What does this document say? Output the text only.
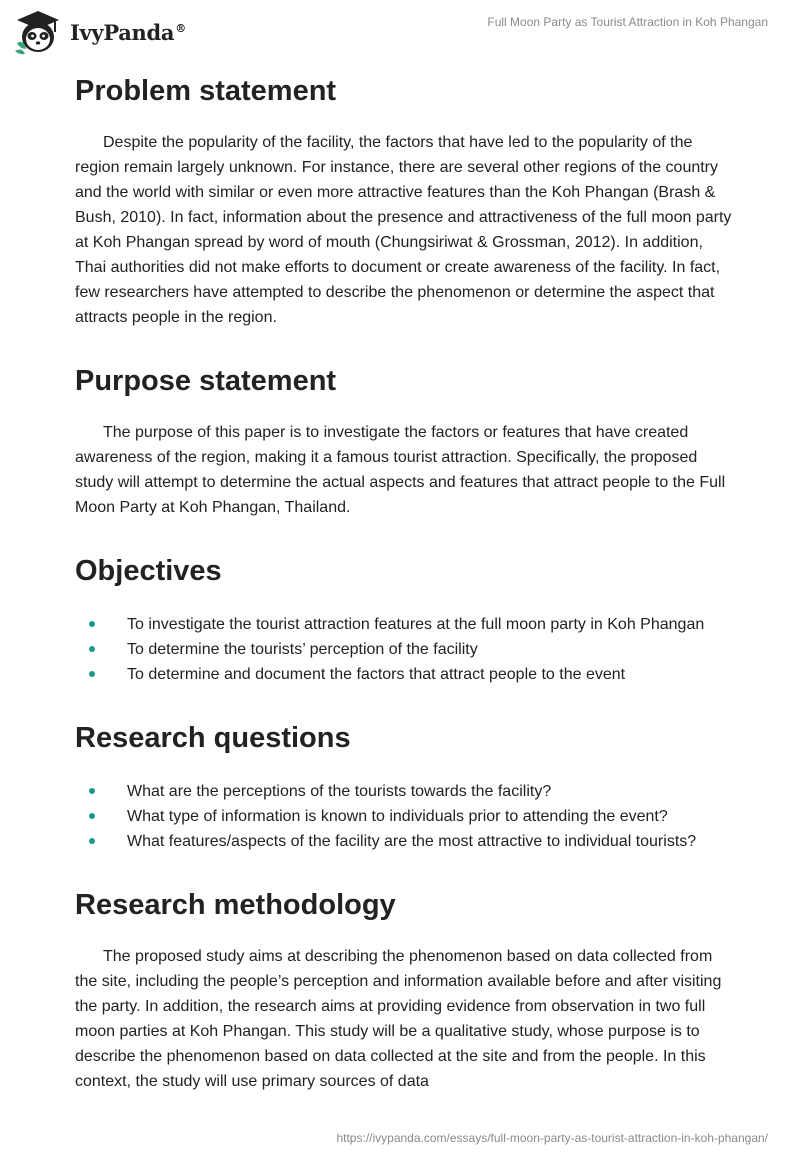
IvyPanda®	Full Moon Party as Tourist Attraction in Koh Phangan
Problem statement

Despite the popularity of the facility, the factors that have led to the popularity of the region remain largely unknown. For instance, there are several other regions of the country and the world with similar or even more attractive features than the Koh Phangan (Brash & Bush, 2010). In fact, information about the presence and attractiveness of the full moon party at Koh Phangan spread by word of mouth (Chungsiriwat & Grossman, 2012). In addition, Thai authorities did not make efforts to document or create awareness of the facility. In fact, few researchers have attempted to describe the phenomenon or determine the aspect that attracts people in the region.

Purpose statement

The purpose of this paper is to investigate the factors or features that have created awareness of the region, making it a famous tourist attraction. Specifically, the proposed study will attempt to determine the actual aspects and features that attract people to the Full Moon Party at Koh Phangan, Thailand.

Objectives
To investigate the tourist attraction features at the full moon party in Koh Phangan
To determine the tourists’ perception of the facility
To determine and document the factors that attract people to the event
Research questions
What are the perceptions of the tourists towards the facility?
What type of information is known to individuals prior to attending the event?
What features/aspects of the facility are the most attractive to individual tourists?
Research methodology

The proposed study aims at describing the phenomenon based on data collected from the site, including the people’s perception and information available before and after visiting the party. In addition, the research aims at providing evidence from observation in two full moon parties at Koh Phangan. This study will be a qualitative study, whose purpose is to describe the phenomenon based on data collected at the site and from the people. In this context, the study will use primary sources of data

https://ivypanda.com/essays/full-moon-party-as-tourist-attraction-in-koh-phangan/
